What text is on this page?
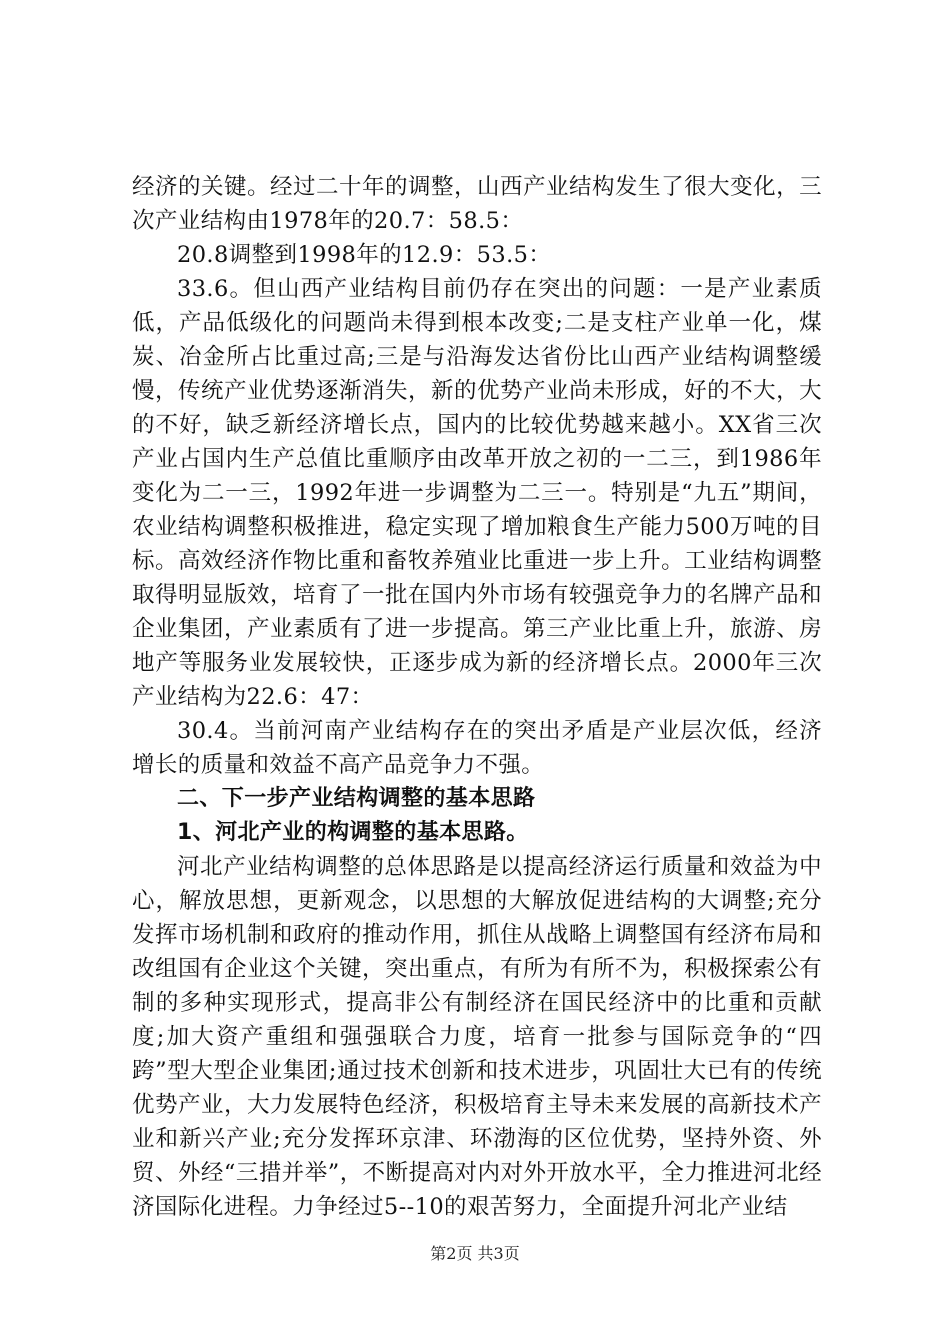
经济的关键。经过二十年的调整，山西产业结构发生了很大变化，三次产业结构由1978年的20.7：58.5：

20.8调整到1998年的12.9：53.5：

33.6。但山西产业结构目前仍存在突出的问题：一是产业素质低，产品低级化的问题尚未得到根本改变;二是支柱产业单一化，煤炭、冶金所占比重过高;三是与沿海发达省份比山西产业结构调整缓慢，传统产业优势逐渐消失，新的优势产业尚未形成，好的不大，大的不好，缺乏新经济增长点，国内的比较优势越来越小。XX省三次产业占国内生产总值比重顺序由改革开放之初的一二三，到1986年变化为二一三，1992年进一步调整为二三一。特别是“九五”期间，农业结构调整积极推进，稳定实现了增加粮食生产能力500万吨的目标。高效经济作物比重和畜牧养殖业比重进一步上升。工业结构调整取得明显版效，培育了一批在国内外市场有较强竞争力的名牌产品和企业集团，产业素质有了进一步提高。第三产业比重上升，旅游、房地产等服务业发展较快，正逐步成为新的经济增长点。2000年三次产业结构为22.6：47：

30.4。当前河南产业结构存在的突出矛盾是产业层次低，经济增长的质量和效益不高产品竞争力不强。

二、下一步产业结构调整的基本思路

1、河北产业的构调整的基本思路。

河北产业结构调整的总体思路是以提高经济运行质量和效益为中心，解放思想，更新观念，以思想的大解放促进结构的大调整;充分发挥市场机制和政府的推动作用，抓住从战略上调整国有经济布局和改组国有企业这个关键，突出重点，有所为有所不为，积极探索公有制的多种实现形式，提高非公有制经济在国民经济中的比重和贡献度;加大资产重组和强强联合力度，培育一批参与国际竞争的“四跨”型大型企业集团;通过技术创新和技术进步，巩固壮大已有的传统优势产业，大力发展特色经济，积极培育主导未来发展的高新技术产业和新兴产业;充分发挥环京津、环渤海的区位优势，坚持外资、外贸、外经“三措并举”，不断提高对内对外开放水平，全力推进河北经济国际化进程。力争经过5--10的艰苦努力，全面提升河北产业结

第2页 共3页
